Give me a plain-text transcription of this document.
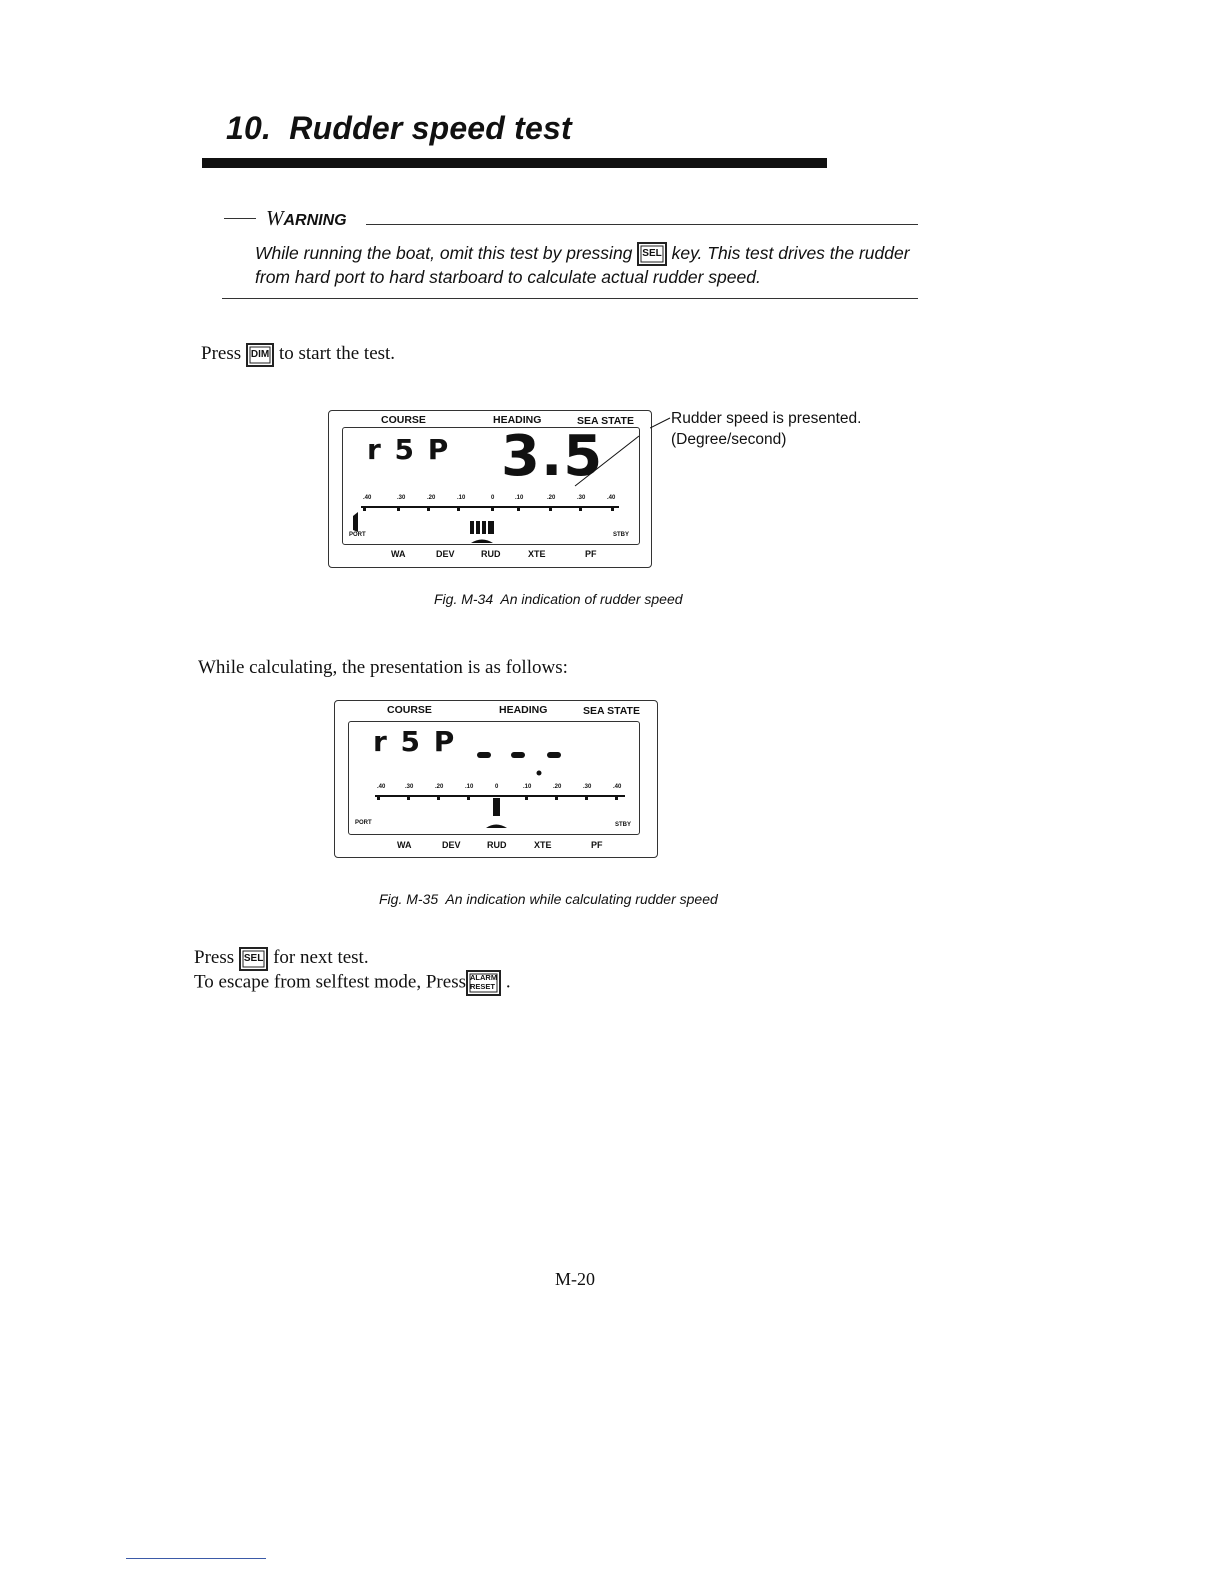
10. Rudder speed test
WARNING
While running the boat, omit this test by pressing SEL key. This test drives the rudder from hard port to hard starboard to calculate actual rudder speed.
Press DIM to start the test.
COURSE	HEADING	SEA STATE
r 5 P 3.5
.40	.30	.20	.10	0	.10	.20	.30	.40
PORT	STBY
WA	DEV	RUD	XTE	PF
Rudder speed is presented.
(Degree/second)
Fig. M-34 An indication of rudder speed
While calculating, the presentation is as follows:
COURSE	HEADING	SEA STATE
r 5 P
.40	.30	.20	.10	0	.10	.20	.30	.40
PORT	STBY
WA	DEV	RUD	XTE	PF
Fig. M-35 An indication while calculating rudder speed
Press SEL for next test.
To escape from selftest mode, Press ALARM
RESET .
M-20
